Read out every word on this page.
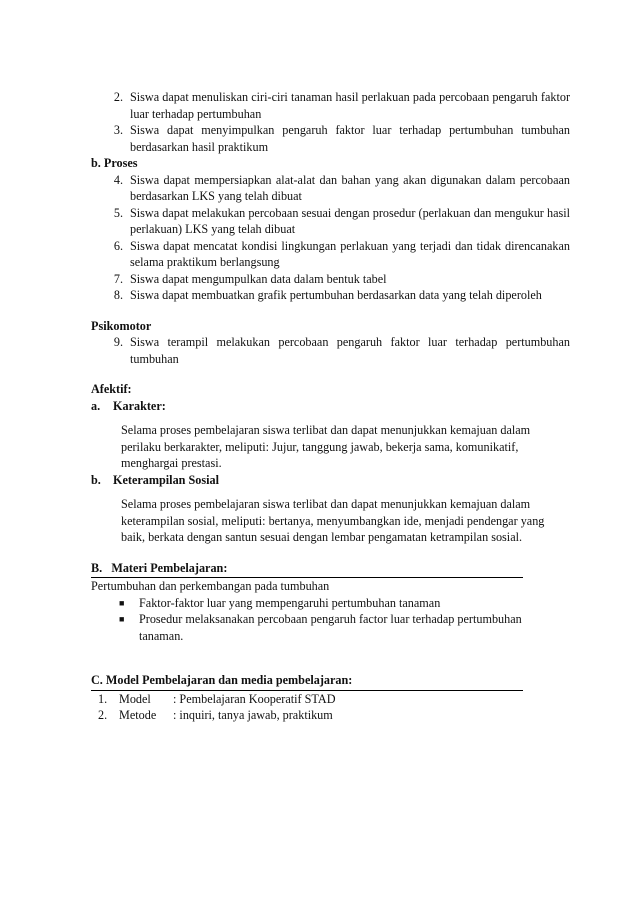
2. Siswa dapat menuliskan ciri-ciri tanaman hasil perlakuan pada percobaan pengaruh faktor luar terhadap pertumbuhan
3. Siswa dapat menyimpulkan pengaruh faktor luar terhadap pertumbuhan tumbuhan berdasarkan hasil praktikum
b. Proses
4. Siswa dapat mempersiapkan alat-alat dan bahan yang akan digunakan dalam percobaan berdasarkan LKS yang telah dibuat
5. Siswa dapat melakukan percobaan sesuai dengan prosedur (perlakuan dan mengukur hasil perlakuan) LKS yang telah dibuat
6. Siswa dapat mencatat kondisi lingkungan perlakuan yang terjadi dan tidak direncanakan selama praktikum berlangsung
7. Siswa dapat mengumpulkan data dalam bentuk tabel
8. Siswa dapat membuatkan grafik pertumbuhan berdasarkan data yang telah diperoleh
Psikomotor
9. Siswa terampil melakukan percobaan pengaruh faktor luar terhadap pertumbuhan tumbuhan
Afektif:
a. Karakter:
Selama proses pembelajaran siswa terlibat dan dapat menunjukkan kemajuan dalam perilaku berkarakter, meliputi: Jujur, tanggung jawab, bekerja sama, komunikatif, menghargai prestasi.
b. Keterampilan Sosial
Selama proses pembelajaran siswa terlibat dan dapat menunjukkan kemajuan dalam keterampilan sosial, meliputi: bertanya, menyumbangkan ide, menjadi pendengar yang baik, berkata dengan santun sesuai dengan lembar pengamatan ketrampilan sosial.
B.   Materi Pembelajaran:
Pertumbuhan dan perkembangan pada tumbuhan
■ Faktor-faktor luar yang mempengaruhi pertumbuhan tanaman
■ Prosedur melaksanakan percobaan pengaruh factor luar terhadap pertumbuhan tanaman.
C. Model Pembelajaran dan media pembelajaran:
1. Model : Pembelajaran Kooperatif STAD
2. Metode : inquiri, tanya jawab, praktikum
